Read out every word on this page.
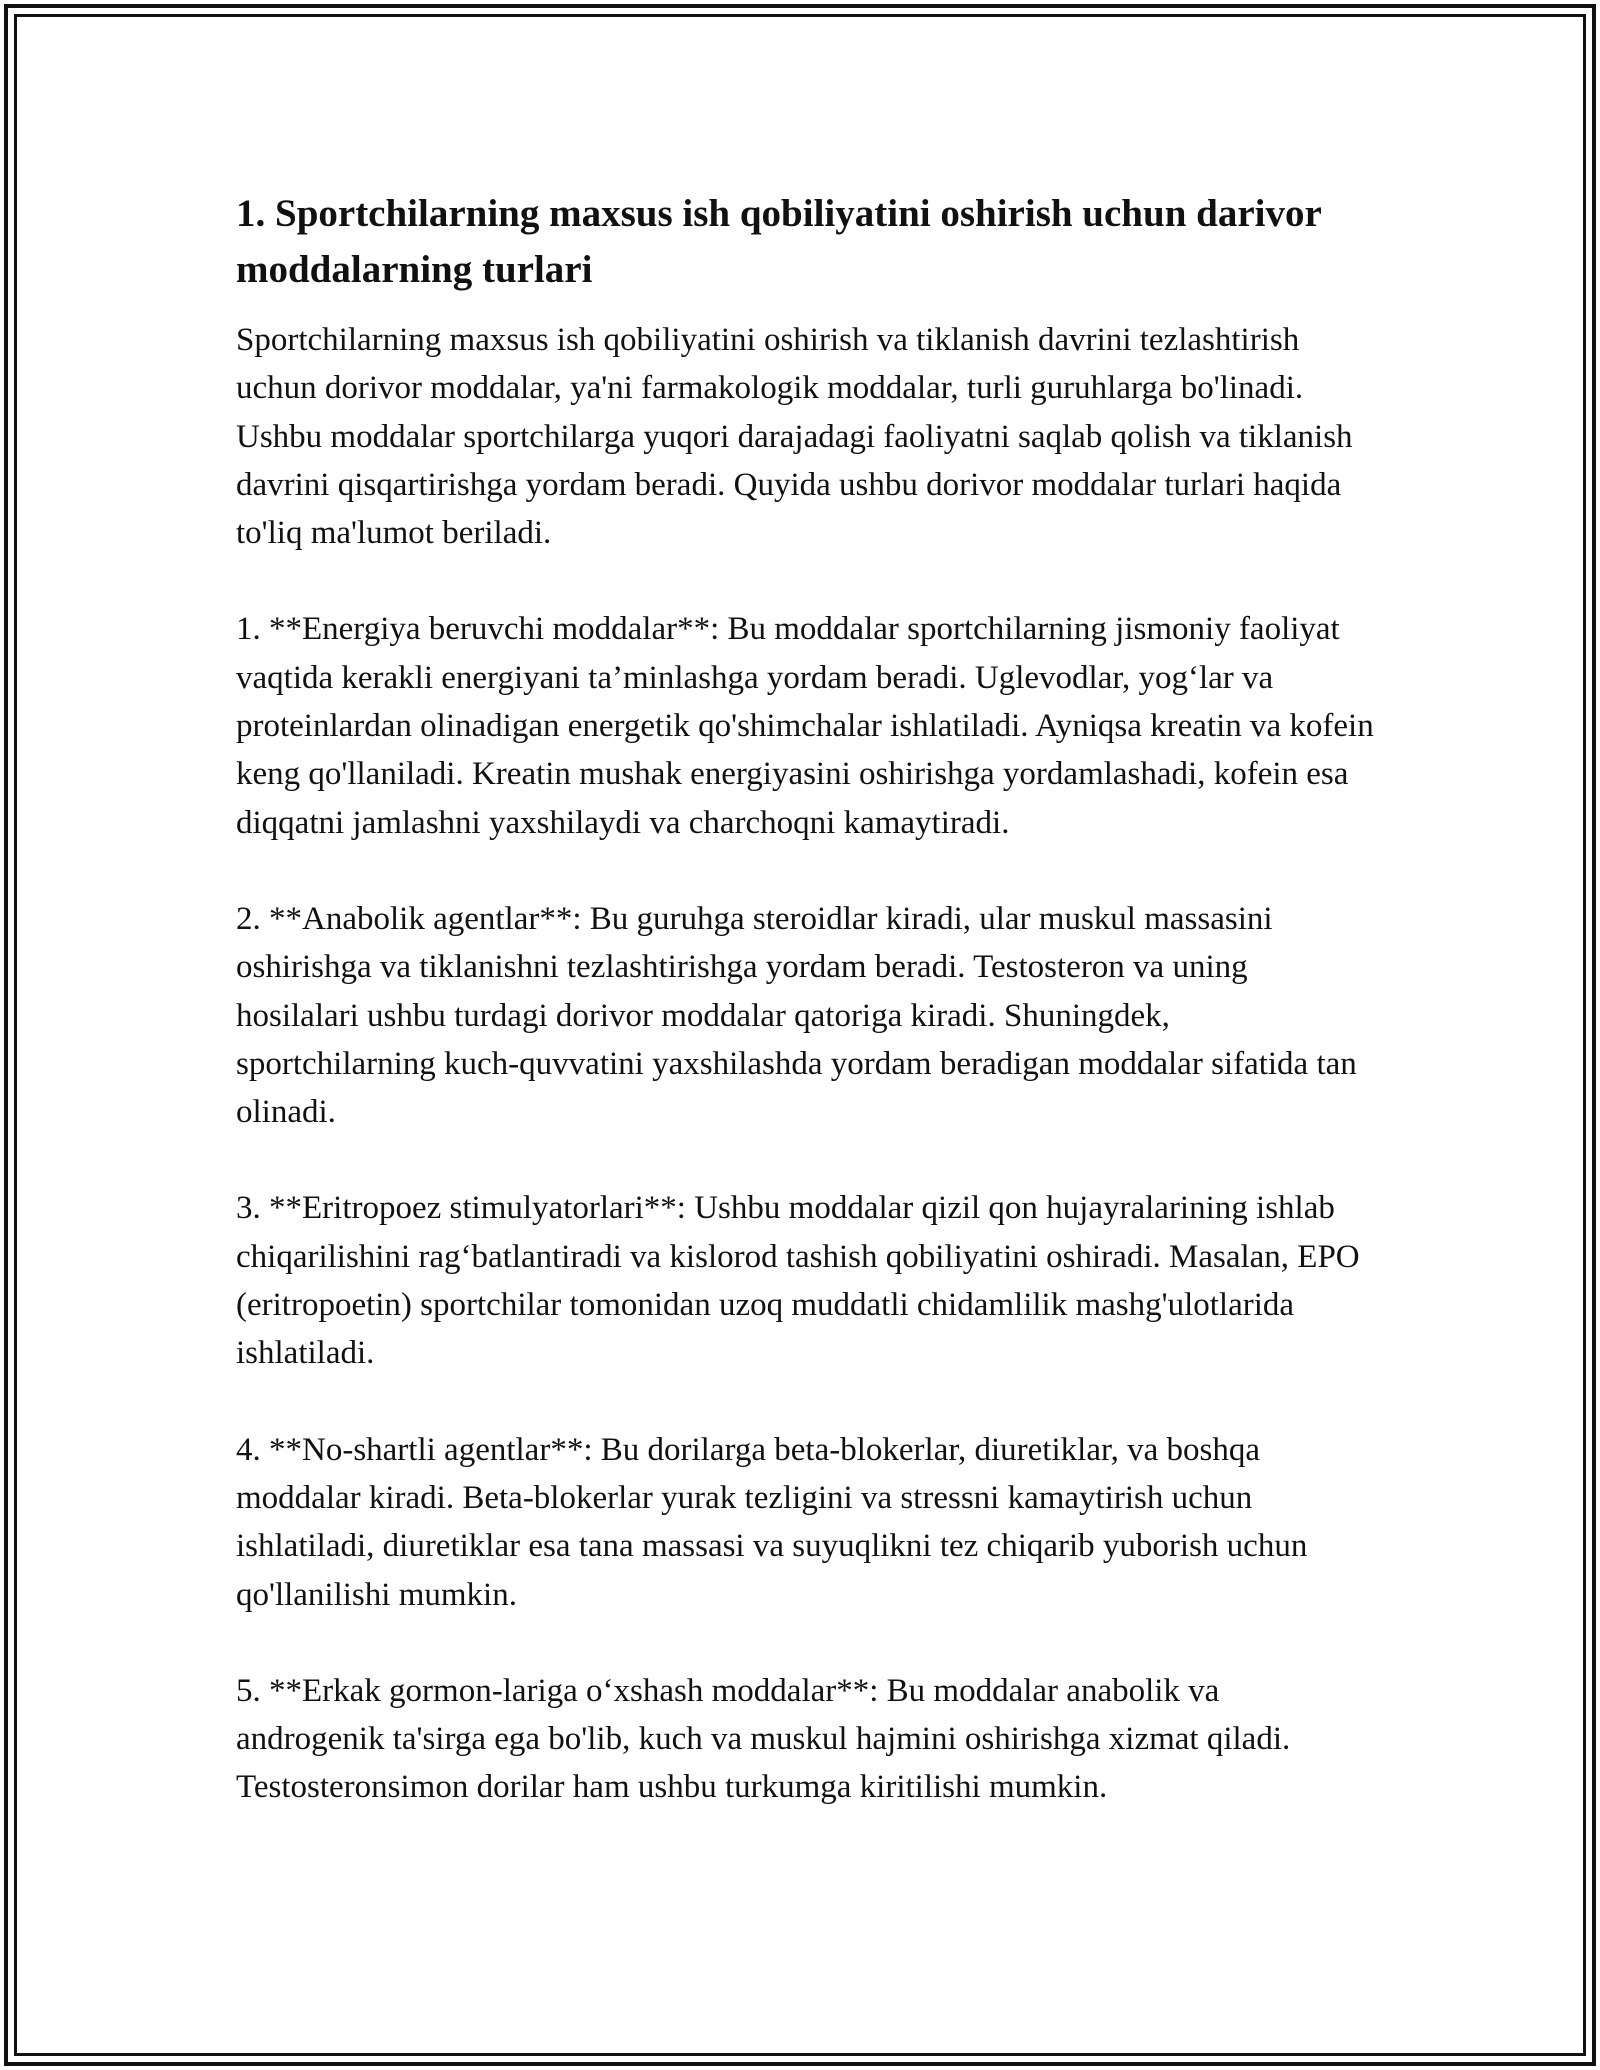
1. Sportchilarning maxsus ish qobiliyatini oshirish uchun darivor moddalarning turlari

Sportchilarning maxsus ish qobiliyatini oshirish va tiklanish davrini tezlashtirish uchun dorivor moddalar, ya'ni farmakologik moddalar, turli guruhlarga bo'linadi. Ushbu moddalar sportchilarga yuqori darajadagi faoliyatni saqlab qolish va tiklanish davrini qisqartirishga yordam beradi. Quyida ushbu dorivor moddalar turlari haqida to'liq ma'lumot beriladi.

1. **Energiya beruvchi moddalar**: Bu moddalar sportchilarning jismoniy faoliyat vaqtida kerakli energiyani ta’minlashga yordam beradi. Uglevodlar, yog‘lar va proteinlardan olinadigan energetik qo'shimchalar ishlatiladi. Ayniqsa kreatin va kofein keng qo'llaniladi. Kreatin mushak energiyasini oshirishga yordamlashadi, kofein esa diqqatni jamlashni yaxshilaydi va charchoqni kamaytiradi.

2. **Anabolik agentlar**: Bu guruhga steroidlar kiradi, ular muskul massasini oshirishga va tiklanishni tezlashtirishga yordam beradi. Testosteron va uning hosilalari ushbu turdagi dorivor moddalar qatoriga kiradi. Shuningdek, sportchilarning kuch-quvvatini yaxshilashda yordam beradigan moddalar sifatida tan olinadi.

3. **Eritropoez stimulyatorlari**: Ushbu moddalar qizil qon hujayralarining ishlab chiqarilishini rag‘batlantiradi va kislorod tashish qobiliyatini oshiradi. Masalan, EPO (eritropoetin) sportchilar tomonidan uzoq muddatli chidamlilik mashg'ulotlarida ishlatiladi.

4. **No-shartli agentlar**: Bu dorilarga beta-blokerlar, diuretiklar, va boshqa moddalar kiradi. Beta-blokerlar yurak tezligini va stressni kamaytirish uchun ishlatiladi, diuretiklar esa tana massasi va suyuqlikni tez chiqarib yuborish uchun qo'llanilishi mumkin.

5. **Erkak gormon-lariga o‘xshash moddalar**: Bu moddalar anabolik va androgenik ta'sirga ega bo'lib, kuch va muskul hajmini oshirishga xizmat qiladi. Testosteronsimon dorilar ham ushbu turkumga kiritilishi mumkin.
